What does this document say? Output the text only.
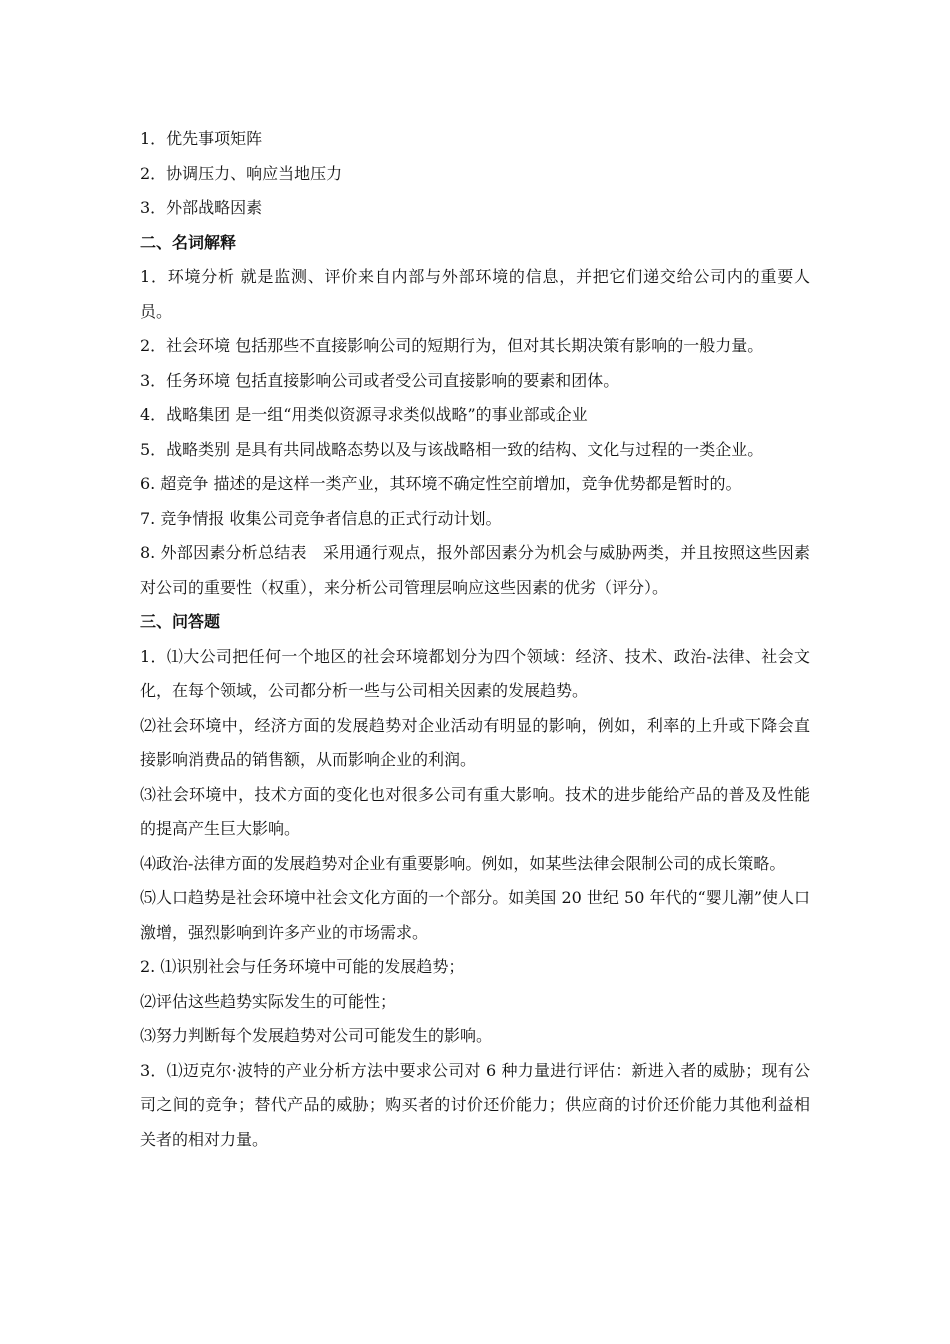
1．优先事项矩阵

2．协调压力、响应当地压力

3．外部战略因素

二、名词解释

1．环境分析 就是监测、评价来自内部与外部环境的信息，并把它们递交给公司内的重要人员。

2．社会环境 包括那些不直接影响公司的短期行为，但对其长期决策有影响的一般力量。

3．任务环境 包括直接影响公司或者受公司直接影响的要素和团体。

4．战略集团 是一组“用类似资源寻求类似战略”的事业部或企业

5．战略类别 是具有共同战略态势以及与该战略相一致的结构、文化与过程的一类企业。

6. 超竞争 描述的是这样一类产业，其环境不确定性空前增加，竞争优势都是暂时的。

7. 竞争情报 收集公司竞争者信息的正式行动计划。

8. 外部因素分析总结表　采用通行观点，报外部因素分为机会与威胁两类，并且按照这些因素对公司的重要性（权重），来分析公司管理层响应这些因素的优劣（评分）。

三、问答题

1．⑴大公司把任何一个地区的社会环境都划分为四个领域：经济、技术、政治-法律、社会文化，在每个领域，公司都分析一些与公司相关因素的发展趋势。

⑵社会环境中，经济方面的发展趋势对企业活动有明显的影响，例如，利率的上升或下降会直接影响消费品的销售额，从而影响企业的利润。

⑶社会环境中，技术方面的变化也对很多公司有重大影响。技术的进步能给产品的普及及性能的提高产生巨大影响。

⑷政治-法律方面的发展趋势对企业有重要影响。例如，如某些法律会限制公司的成长策略。

⑸人口趋势是社会环境中社会文化方面的一个部分。如美国 20 世纪 50 年代的“婴儿潮”使人口激增，强烈影响到许多产业的市场需求。

2. ⑴识别社会与任务环境中可能的发展趋势；

⑵评估这些趋势实际发生的可能性；

⑶努力判断每个发展趋势对公司可能发生的影响。

3．⑴迈克尔·波特的产业分析方法中要求公司对 6 种力量进行评估：新进入者的威胁；现有公司之间的竞争；替代产品的威胁；购买者的讨价还价能力；供应商的讨价还价能力其他利益相关者的相对力量。
